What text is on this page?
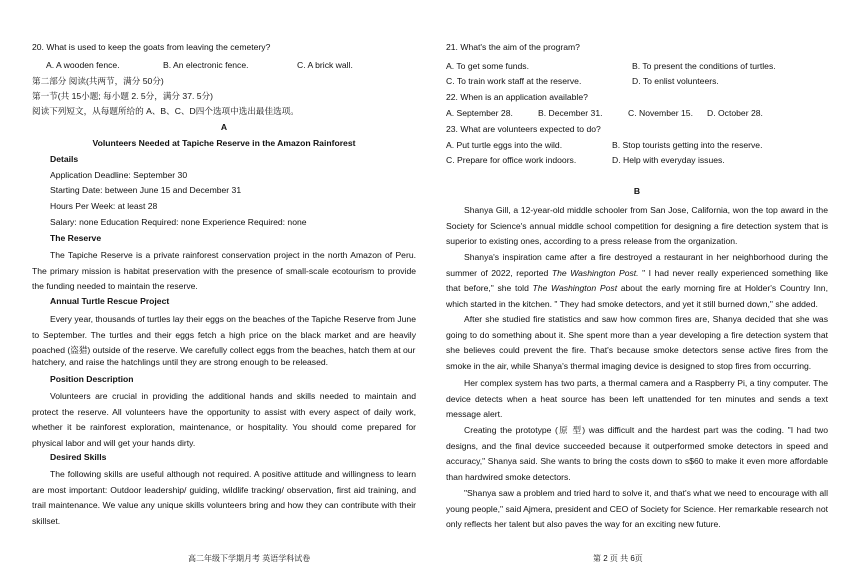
20. What is used to keep the goats from leaving the cemetery?
A. A wooden fence.	B. An electronic fence.	C. A brick wall.
第二部分 阅读(共两节，满分 50分)
第一节(共 15小题; 每小题 2. 5分，满分 37. 5分)
阅读下列短文，从每题所给的 A、B、C、D四个选项中选出最佳选项。
A
Volunteers Needed at Tapiche Reserve in the Amazon Rainforest
Details
Application Deadline: September 30
Starting Date: between June 15 and December 31
Hours Per Week: at least 28
Salary: none Education Required: none Experience Required: none
The Reserve
The Tapiche Reserve is a private rainforest conservation project in the north Amazon of Peru. The primary mission is habitat preservation with the presence of small-scale ecotourism to provide the funding needed to maintain the reserve.
Annual Turtle Rescue Project
Every year, thousands of turtles lay their eggs on the beaches of the Tapiche Reserve from June to September. The turtles and their eggs fetch a high price on the black market and are heavily poached (盗猎) outside of the reserve. We carefully collect eggs from the beaches, hatch them at our
hatchery, and raise the hatchlings until they are strong enough to be released.
Position Description
Volunteers are crucial in providing the additional hands and skills needed to maintain and protect the reserve. All volunteers have the opportunity to assist with every aspect of daily work, whether it be rainforest exploration, maintenance, or hospitality. You should come prepared for physical labor and will get your hands dirty.
Desired Skills
The following skills are useful although not required. A positive attitude and willingness to learn are most important: Outdoor leadership/ guiding, wildlife tracking/ observation, first aid training, and trail maintenance. We value any unique skills volunteers bring and how they can contribute with their skillset.
高二年级下学期月考 英语学科试卷
21. What's the aim of the program?
A. To get some funds.	B. To present the conditions of turtles.
C. To train work staff at the reserve.	D. To enlist volunteers.
22. When is an application available?
A. September 28.	B. December 31.	C. November 15. D. October 28.
23. What are volunteers expected to do?
A. Put turtle eggs into the wild.	B. Stop tourists getting into the reserve.
C. Prepare for office work indoors.	D. Help with everyday issues.
B
Shanya Gill, a 12-year-old middle schooler from San Jose, California, won the top award in the Society for Science's annual middle school competition for designing a fire detection system that is superior to existing ones, according to a press release from the organization.
Shanya's inspiration came after a fire destroyed a restaurant in her neighborhood during the summer of 2022, reported The Washington Post. " I had never really experienced something like that before," she told The Washington Post about the early morning fire at Holder's Country Inn, which started in the kitchen. " They had smoke detectors, and yet it still burned down," she added.
After she studied fire statistics and saw how common fires are, Shanya decided that she was going to do something about it. She spent more than a year developing a fire detection system that she believes could prevent the fire. That's because smoke detectors sense active fires from the smoke in the air, while Shanya's thermal imaging device is designed to stop fires from occurring.
Her complex system has two parts, a thermal camera and a Raspberry Pi, a tiny computer. The device detects when a heat source has been left unattended for ten minutes and sends a text message alert.
Creating the prototype (原 型) was difficult and the hardest part was the coding. "I had two designs, and the final device succeeded because it outperformed smoke detectors in speed and accuracy," Shanya said. She wants to bring the costs down to s$60 to make it even more affordable than hardwired smoke detectors.
"Shanya saw a problem and tried hard to solve it, and that's what we need to encourage with all young people," said Ajmera, president and CEO of Society for Science. Her remarkable research not only reflects her talent but also paves the way for an exciting new future.
第 2 页 共 6页
